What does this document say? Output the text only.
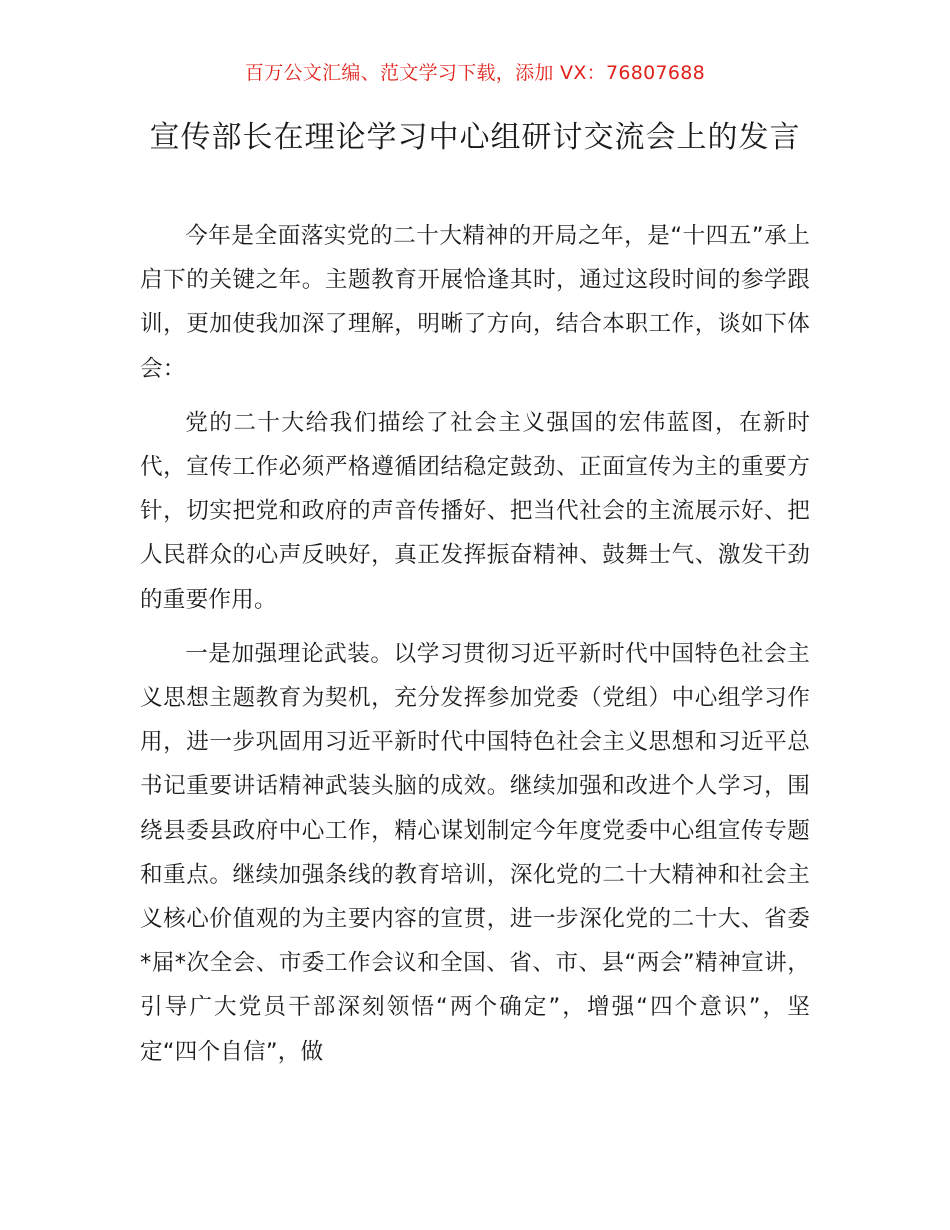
百万公文汇编、范文学习下载，添加 VX：76807688
宣传部长在理论学习中心组研讨交流会上的发言

今年是全面落实党的二十大精神的开局之年，是“十四五”承上启下的关键之年。主题教育开展恰逢其时，通过这段时间的参学跟训，更加使我加深了理解，明晰了方向，结合本职工作，谈如下体会：

党的二十大给我们描绘了社会主义强国的宏伟蓝图，在新时代，宣传工作必须严格遵循团结稳定鼓劲、正面宣传为主的重要方针，切实把党和政府的声音传播好、把当代社会的主流展示好、把人民群众的心声反映好，真正发挥振奋精神、鼓舞士气、激发干劲的重要作用。

一是加强理论武装。以学习贯彻习近平新时代中国特色社会主义思想主题教育为契机，充分发挥参加党委（党组）中心组学习作用，进一步巩固用习近平新时代中国特色社会主义思想和习近平总书记重要讲话精神武装头脑的成效。继续加强和改进个人学习，围绕县委县政府中心工作，精心谋划制定今年度党委中心组宣传专题和重点。继续加强条线的教育培训，深化党的二十大精神和社会主义核心价值观的为主要内容的宣贯，进一步深化党的二十大、省委*届*次全会、市委工作会议和全国、省、市、县“两会”精神宣讲，引导广大党员干部深刻领悟“两个确定”，增强“四个意识”，坚定“四个自信”，做
